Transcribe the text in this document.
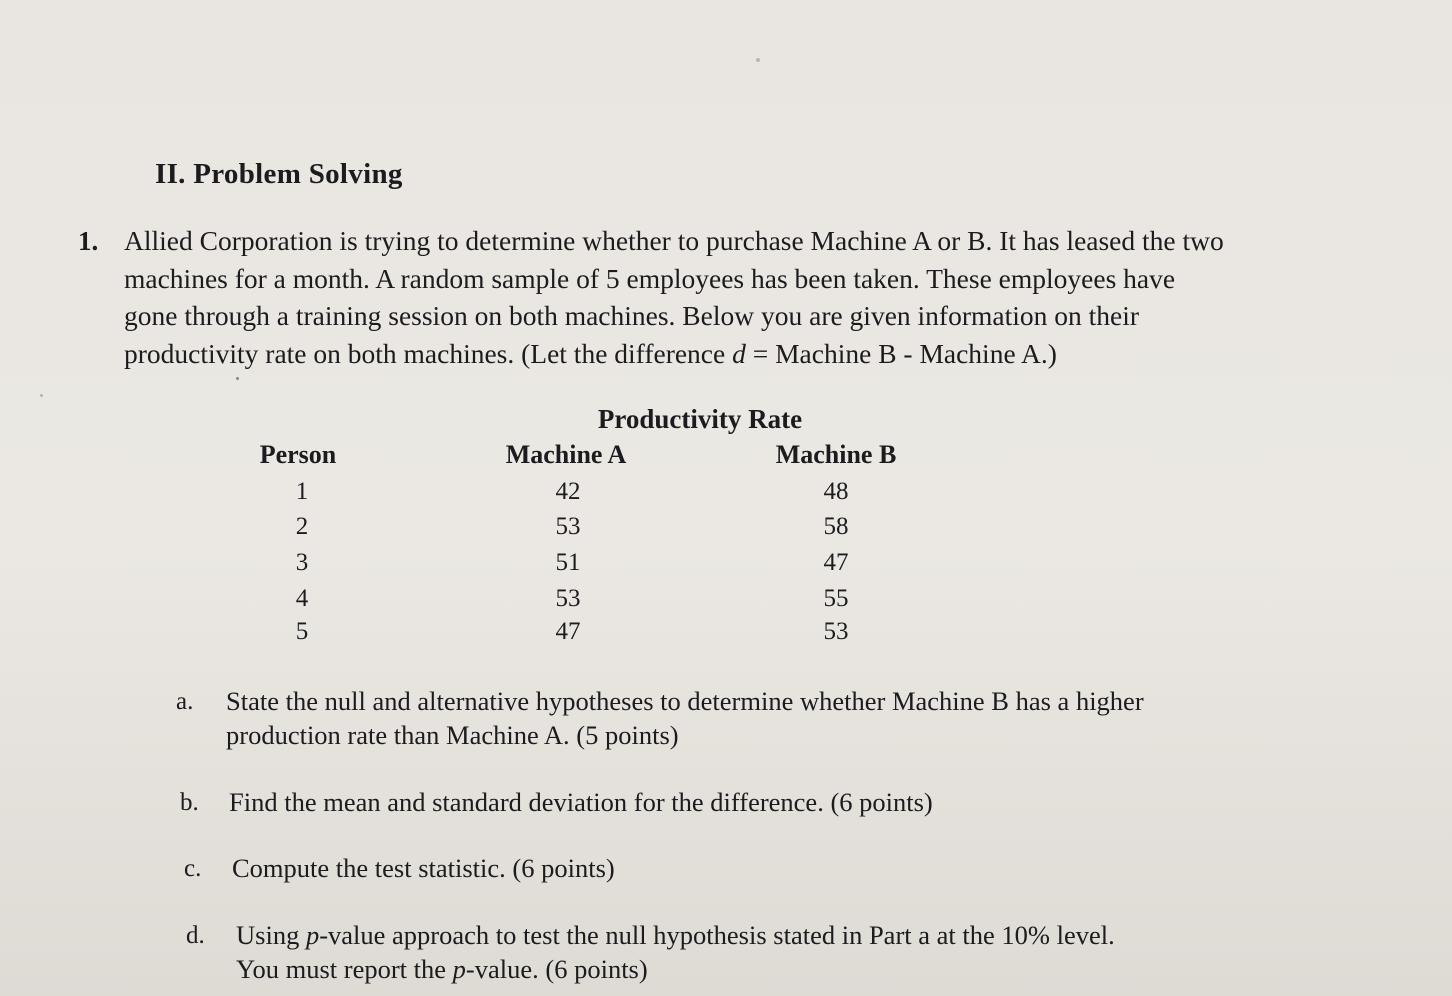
II. Problem Solving
1. Allied Corporation is trying to determine whether to purchase Machine A or B. It has leased the two
machines for a month. A random sample of 5 employees has been taken. These employees have
gone through a training session on both machines. Below you are given information on their
productivity rate on both machines. (Let the difference d = Machine B - Machine A.)
Productivity Rate
Person	Machine A	Machine B
1	42	48
2	53	58
3	51	47
4	53	55
5	47	53
a. State the null and alternative hypotheses to determine whether Machine B has a higher
production rate than Machine A. (5 points)
b. Find the mean and standard deviation for the difference. (6 points)
c. Compute the test statistic. (6 points)
d. Using p-value approach to test the null hypothesis stated in Part a at the 10% level.
You must report the p-value. (6 points)
